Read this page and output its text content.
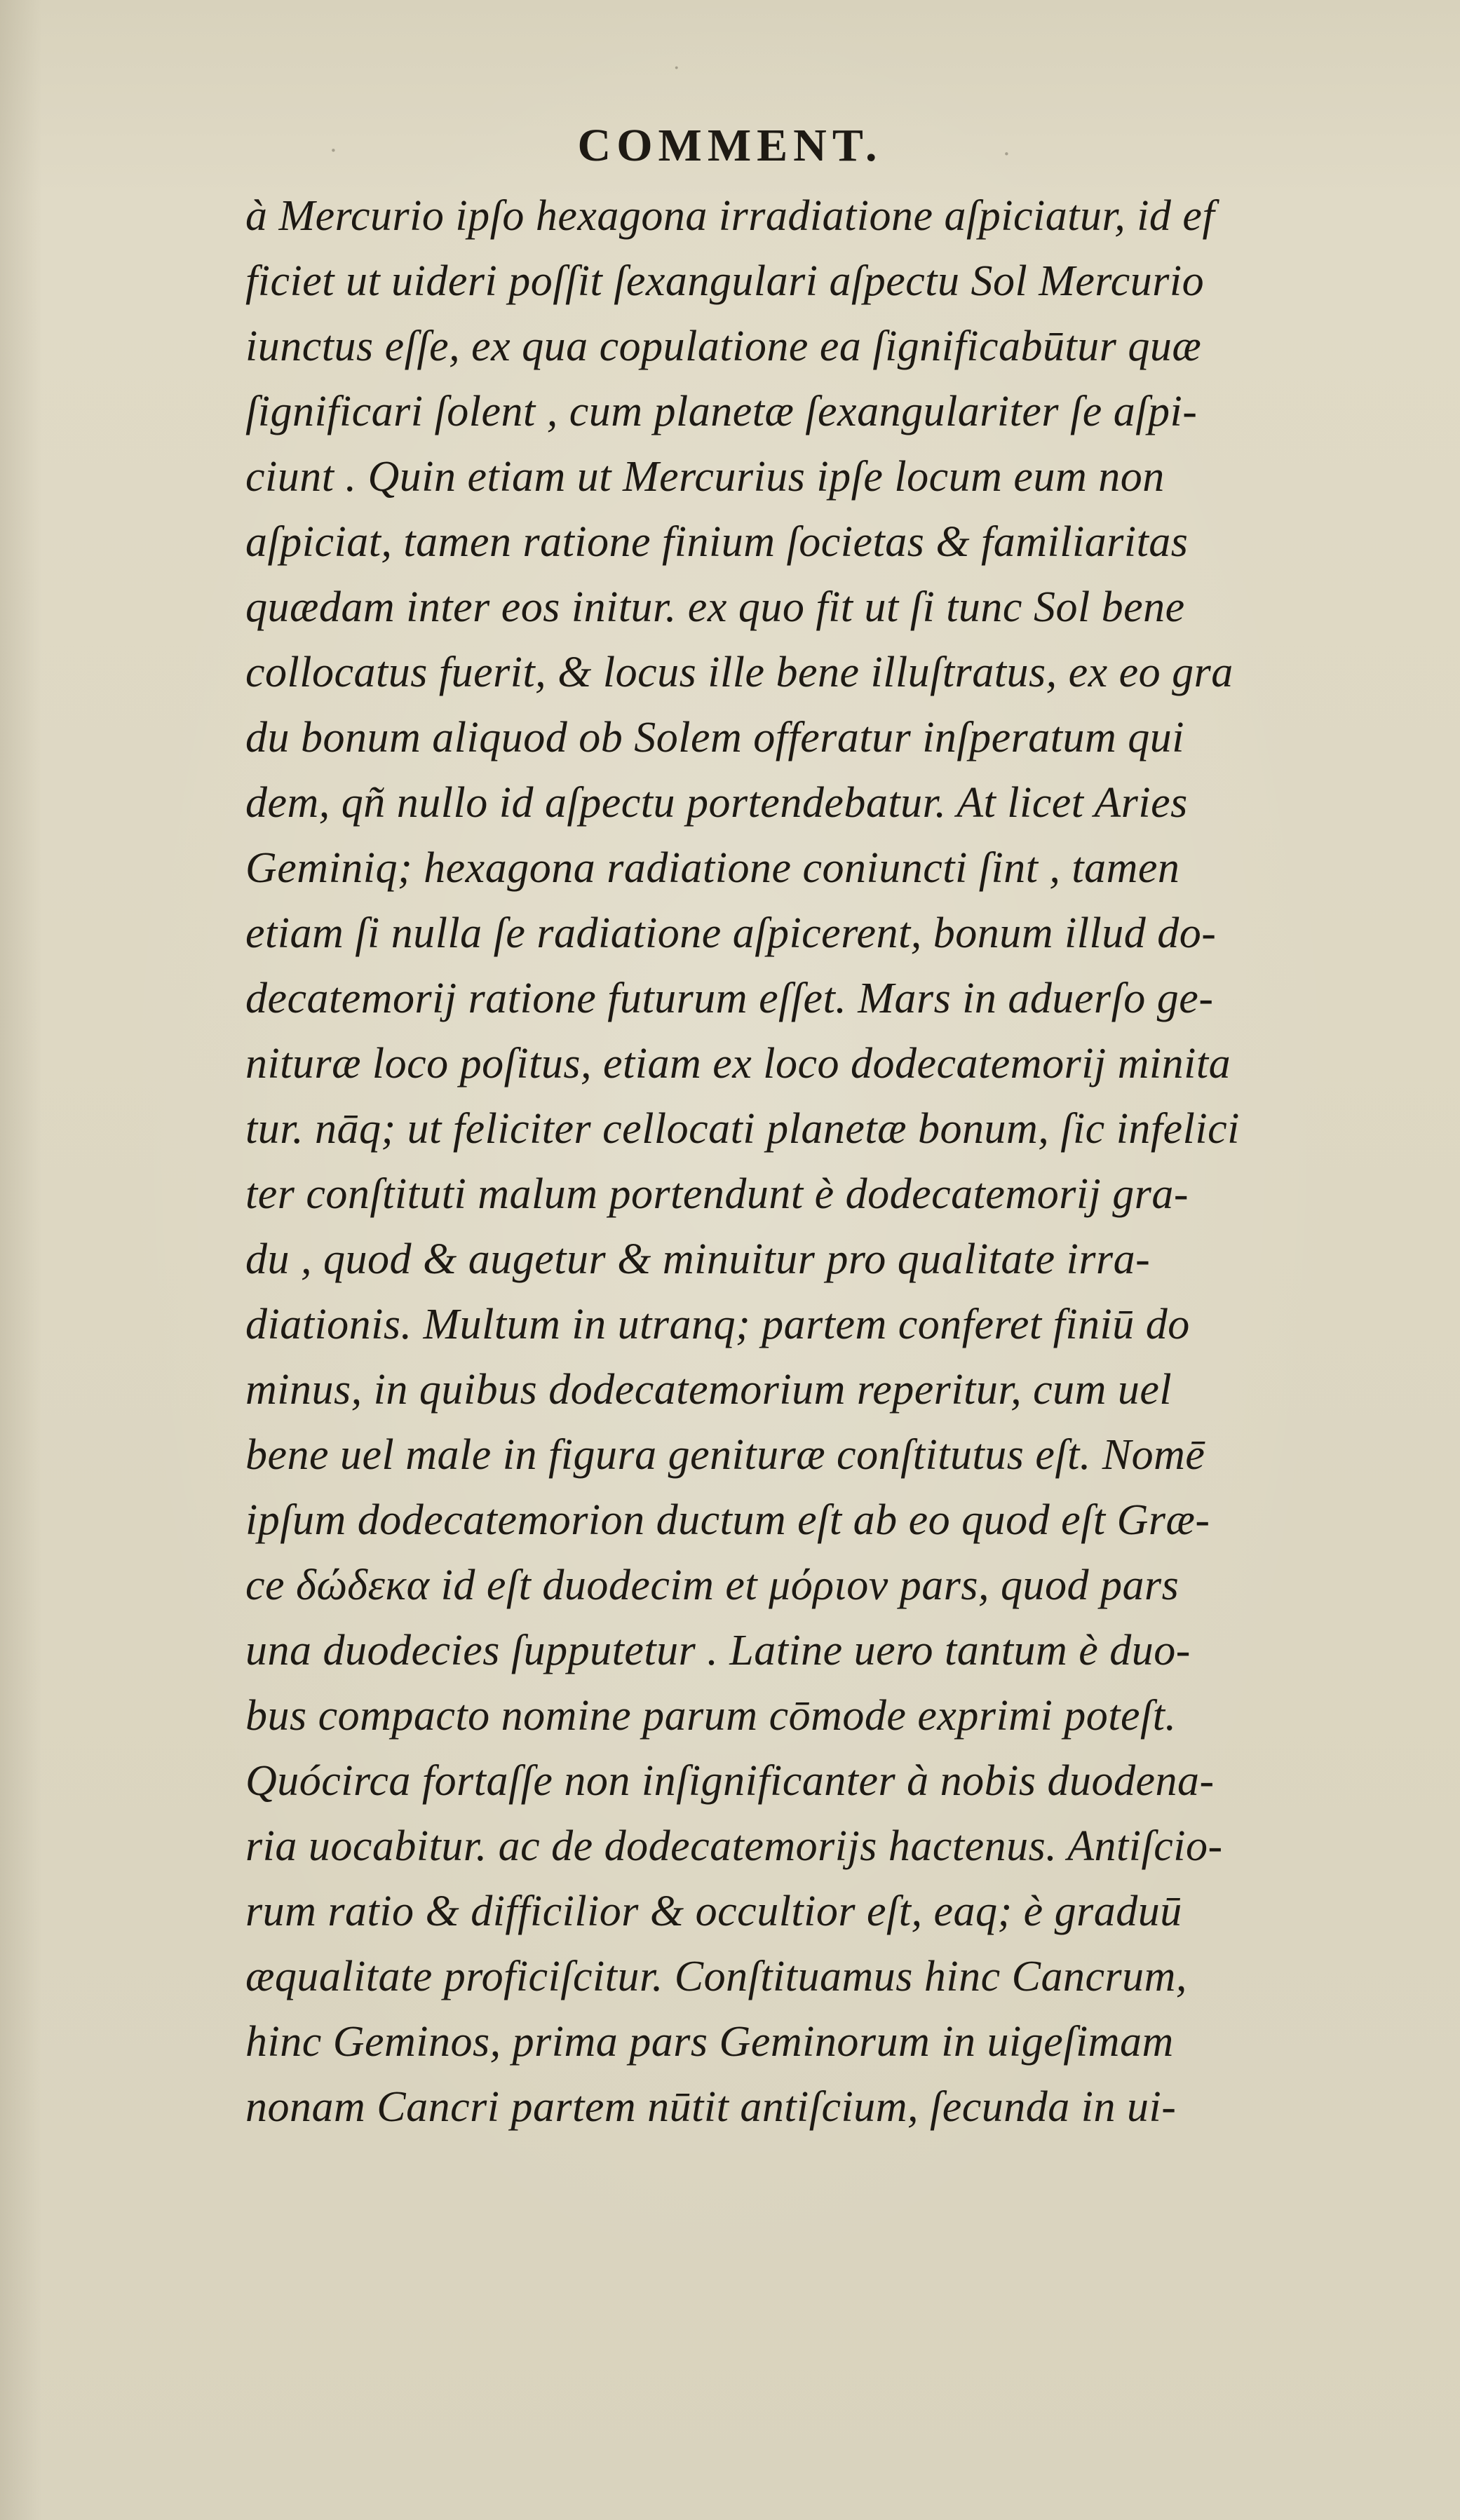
·	·
·
COMMENT.
à Mercurio ipſo hexagona irradiatione aſpiciatur, id ef
ficiet ut uideri poſſit ſexangulari aſpectu Sol Mercurio
iunctus eſſe, ex qua copulatione ea ſignificabūtur quæ
ſignificari ſolent , cum planetæ ſexangulariter ſe aſpi-
ciunt . Quin etiam ut Mercurius ipſe locum eum non
aſpiciat, tamen ratione finium ſocietas & familiaritas
quædam inter eos initur. ex quo fit ut ſi tunc Sol bene
collocatus fuerit, & locus ille bene illuſtratus, ex eo gra
du bonum aliquod ob Solem offeratur inſperatum qui
dem, qñ nullo id aſpectu portendebatur. At licet Aries
Geminiq; hexagona radiatione coniuncti ſint , tamen
etiam ſi nulla ſe radiatione aſpicerent, bonum illud do-
decatemorij ratione futurum eſſet. Mars in aduerſo ge-
nituræ loco poſitus, etiam ex loco dodecatemorij minita
tur. nāq; ut feliciter cellocati planetæ bonum, ſic infelici
ter conſtituti malum portendunt è dodecatemorij gra-
du , quod & augetur & minuitur pro qualitate irra-
diationis. Multum in utranq; partem conferet finiū do
minus, in quibus dodecatemorium reperitur, cum uel
bene uel male in figura genituræ conſtitutus eſt. Nomē
ipſum dodecatemorion ductum eſt ab eo quod eſt Græ-
ce δώδεκα id eſt duodecim et μόριον pars, quod pars
una duodecies ſupputetur . Latine uero tantum è duo-
bus compacto nomine parum cōmode exprimi poteſt.
Quócirca fortaſſe non inſignificanter à nobis duodena-
ria uocabitur. ac de dodecatemorijs hactenus. Antiſcio-
rum ratio & difficilior & occultior eſt, eaq; è graduū
æqualitate proficiſcitur. Conſtituamus hinc Cancrum,
hinc Geminos, prima pars Geminorum in uigeſimam
nonam Cancri partem nūtit antiſcium, ſecunda in ui-
